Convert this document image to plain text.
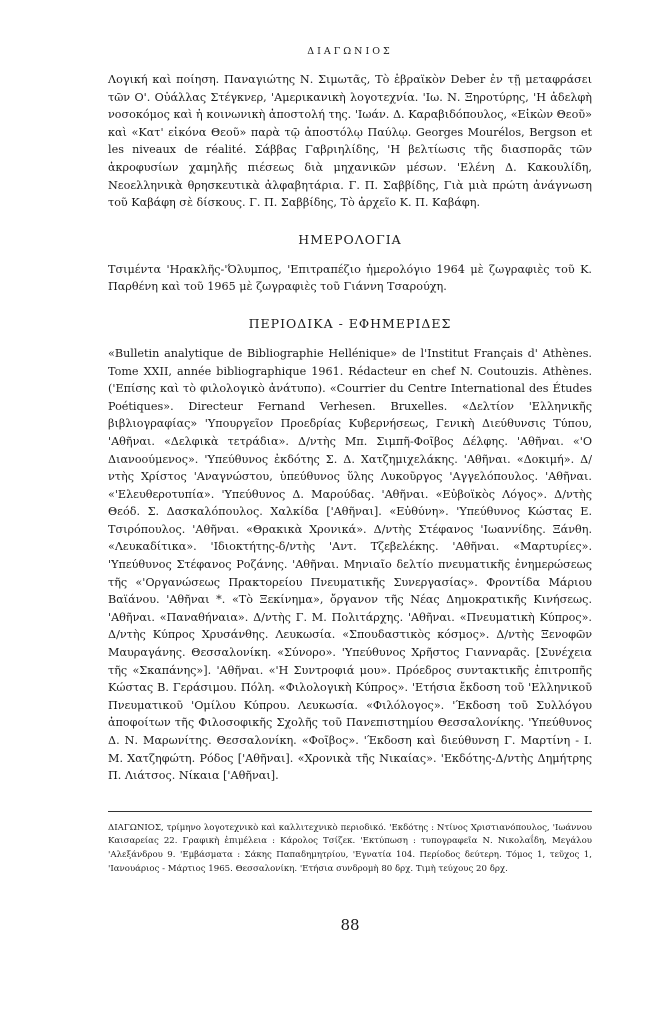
ΔΙΑΓΩΝΙΟΣ

Λογική καὶ ποίηση. Παναγιώτης Ν. Σιμωτᾶς, Τὸ ἑβραϊκὸν Deber ἐν τῇ μεταφράσει τῶν Ο'. Οὐάλλας Στέγκνερ, 'Αμερικανικὴ λογοτεχνία. 'Ιω. Ν. Ξηροτύρης, 'Η ἀδελφὴ νοσοκόμος καὶ ἡ κοινωνικὴ ἀποστολή της. 'Ιωάν. Δ. Καραβιδόπουλος, «Εἰκὼν Θεοῦ» καὶ «Κατ' εἰκόνα Θεοῦ» παρὰ τῷ ἀποστόλῳ Παύλῳ. Georges Mourélos, Bergson et les niveaux de réalité. Σάββας Γαβριηλίδης, 'Η βελτίωσις τῆς διασπορᾶς τῶν ἀκροφυσίων χαμηλῆς πιέσεως διὰ μηχανικῶν μέσων. 'Ελένη Δ. Κακουλίδη, Νεοελληνικὰ θρησκευτικὰ ἀλφαβητάρια. Γ. Π. Σαββίδης, Γιὰ μιὰ πρώτη ἀνάγνωση τοῦ Καβάφη σὲ δίσκους. Γ. Π. Σαββίδης, Τὸ ἀρχεῖο Κ. Π. Καβάφη.

ΗΜΕΡΟΛΟΓΙΑ

Τσιμέντα 'Ηρακλῆς-'Όλυμπος, 'Επιτραπέζιο ἡμερολόγιο 1964 μὲ ζωγραφιὲς τοῦ Κ. Παρθένη καὶ τοῦ 1965 μὲ ζωγραφιὲς τοῦ Γιάννη Τσαρούχη.

ΠΕΡΙΟΔΙΚΑ - ΕΦΗΜΕΡΙΔΕΣ

«Bulletin analytique de Bibliographie Hellénique» de l'Institut Français d' Athènes. Tome XXII, année bibliographique 1961. Rédacteur en chef N. Coutouzis. Athènes. ('Επίσης καὶ τὸ φιλολογικὸ ἀνάτυπο). «Courrier du Centre International des Études Poétiques». Directeur Fernand Verhesen. Bruxelles. «Δελτίον 'Ελληνικῆς βιβλιογραφίας» 'Υπουργεῖον Προεδρίας Κυβερνήσεως, Γενικὴ Διεύθυνσις Τύπου, 'Αθῆναι. «Δελφικὰ τετράδια». Δ/ντὴς Μπ. Σιμπῆ-Φοῖβος Δέλφης. 'Αθῆναι. «'Ο Διανοούμενος». 'Υπεύθυνος ἐκδότης Σ. Δ. Χατζημιχελάκης. 'Αθῆναι. «Δοκιμή». Δ/ντὴς Χρίστος 'Αναγνώστου, ὑπεύθυνος ὕλης Λυκοῦργος 'Αγγελόπουλος. 'Αθῆναι. «'Ελευθεροτυπία». 'Υπεύθυνος Δ. Μαρούδας. 'Αθῆναι. «Εὐβοϊκὸς Λόγος». Δ/ντὴς Θεόδ. Σ. Δασκαλόπουλος. Χαλκίδα ['Αθῆναι]. «Εὐθύνη». 'Υπεύθυνος Κώστας Ε. Τσιρόπουλος. 'Αθῆναι. «Θρακικὰ Χρονικά». Δ/ντὴς Στέφανος 'Ιωαννίδης. Ξάνθη. «Λευκαδίτικα». 'Ιδιοκτήτης-δ/ντὴς 'Αντ. Τζεβελέκης. 'Αθῆναι. «Μαρτυρίες». 'Υπεύθυνος Στέφανος Ροζάνης. 'Αθῆναι. Μηνιαῖο δελτίο πνευματικῆς ἐνημερώσεως τῆς «'Οργανώσεως Πρακτορείου Πνευματικῆς Συνεργασίας». Φροντίδα Μάριου Βαϊάνου. 'Αθῆναι *. «Τὸ Ξεκίνημα», ὄργανον τῆς Νέας Δημοκρατικῆς Κινήσεως. 'Αθῆναι. «Παναθήναια». Δ/ντὴς Γ. Μ. Πολιτάρχης. 'Αθῆναι. «Πνευματικὴ Κύπρος». Δ/ντὴς Κύπρος Χρυσάνθης. Λευκωσία. «Σπουδαστικὸς κόσμος». Δ/ντὴς Ξενοφῶν Μαυραγάνης. Θεσσαλονίκη. «Σύνορο». 'Υπεύθυνος Χρῆστος Γιανναρᾶς. [Συνέχεια τῆς «Σκαπάνης»]. 'Αθῆναι. «'Η Συντροφιά μου». Πρόεδρος συντακτικῆς ἐπιτροπῆς Κώστας Β. Γεράσιμου. Πόλη. «Φιλολογικὴ Κύπρος». 'Ετήσια ἔκδοση τοῦ 'Ελληνικοῦ Πνευματικοῦ 'Ομίλου Κύπρου. Λευκωσία. «Φιλόλογος». 'Έκδοση τοῦ Συλλόγου ἀποφοίτων τῆς Φιλοσοφικῆς Σχολῆς τοῦ Πανεπιστημίου Θεσσαλονίκης. 'Υπεύθυνος Δ. Ν. Μαρωνίτης. Θεσσαλονίκη. «Φοῖβος». 'Έκδοση καὶ διεύθυνση Γ. Μαρτίνη - Ι. Μ. Χατζηφώτη. Ρόδος ['Αθῆναι]. «Χρονικὰ τῆς Νικαίας». 'Εκδότης-Δ/ντὴς Δημήτρης Π. Λιάτσος. Νίκαια ['Αθῆναι].

ΔΙΑΓΩΝΙΟΣ, τρίμηνο λογοτεχνικὸ καὶ καλλιτεχνικὸ περιοδικό. 'Εκδότης : Ντίνος Χριστιανόπουλος, 'Ιωάννου Καισαρείας 22. Γραφικὴ ἐπιμέλεια : Κάρολος Τσίζεκ. 'Εκτύπωση : τυπογραφεῖα Ν. Νικολαΐδη, Μεγάλου 'Αλεξάνδρου 9. 'Εμβάσματα : Σάκης Παπαδημητρίου, 'Εγνατία 104. Περίοδος δεύτερη. Τόμος 1, τεῦχος 1, 'Ιανουάριος - Μάρτιος 1965. Θεσσαλονίκη. 'Ετήσια συνδρομὴ 80 δρχ. Τιμὴ τεύχους 20 δρχ.

88
